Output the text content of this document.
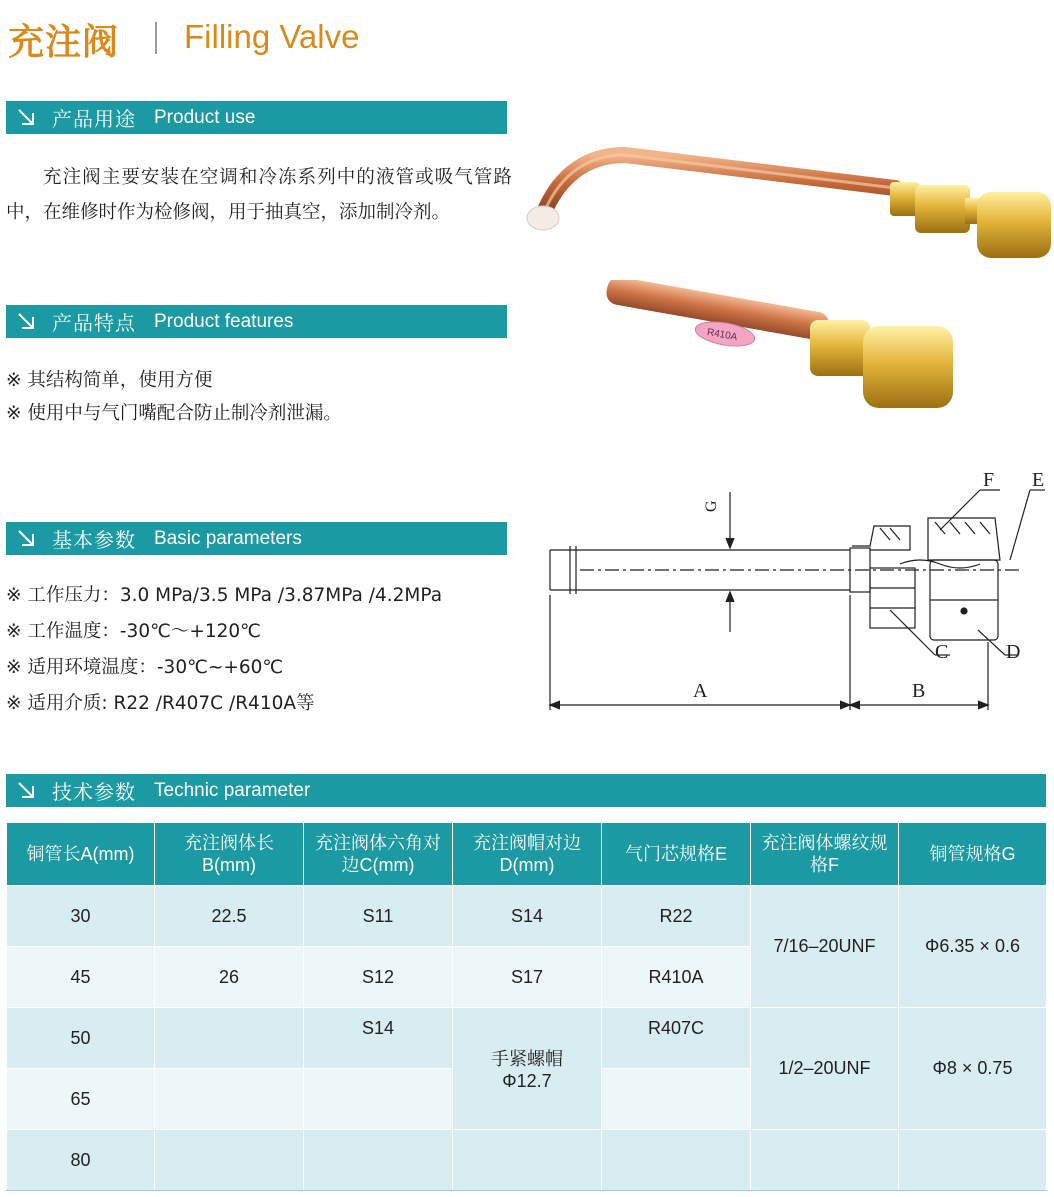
充注阀 Filling Valve
产品用途 Product use
充注阀主要安装在空调和冷冻系列中的液管或吸气管路中，在维修时作为检修阀，用于抽真空，添加制冷剂。
产品特点 Product features
※ 其结构简单，使用方便
※ 使用中与气门嘴配合防止制冷剂泄漏。
基本参数 Basic parameters
※ 工作压力：3.0 MPa/3.5 MPa /3.87MPa /4.2MPa
※ 工作温度：-30℃～+120℃
※ 适用环境温度：-30℃~+60℃
※ 适用介质: R22 /R407C /R410A等
R410A
A	B
C	D
E
F
G
技术参数 Technic parameter
铜管长A(mm)	充注阀体长B(mm)	充注阀体六角对边C(mm)	充注阀帽对边D(mm)	气门芯规格E	充注阀体螺纹规格F	铜管规格G
30	22.5	S11	S14	R22	7/16–20UNF	Φ6.35 × 0.6
45	26	S12	S17	R410A		
50		S14	手紧螺帽Φ12.7	R407C	1/2–20UNF	Φ8 × 0.75
65						
80						
